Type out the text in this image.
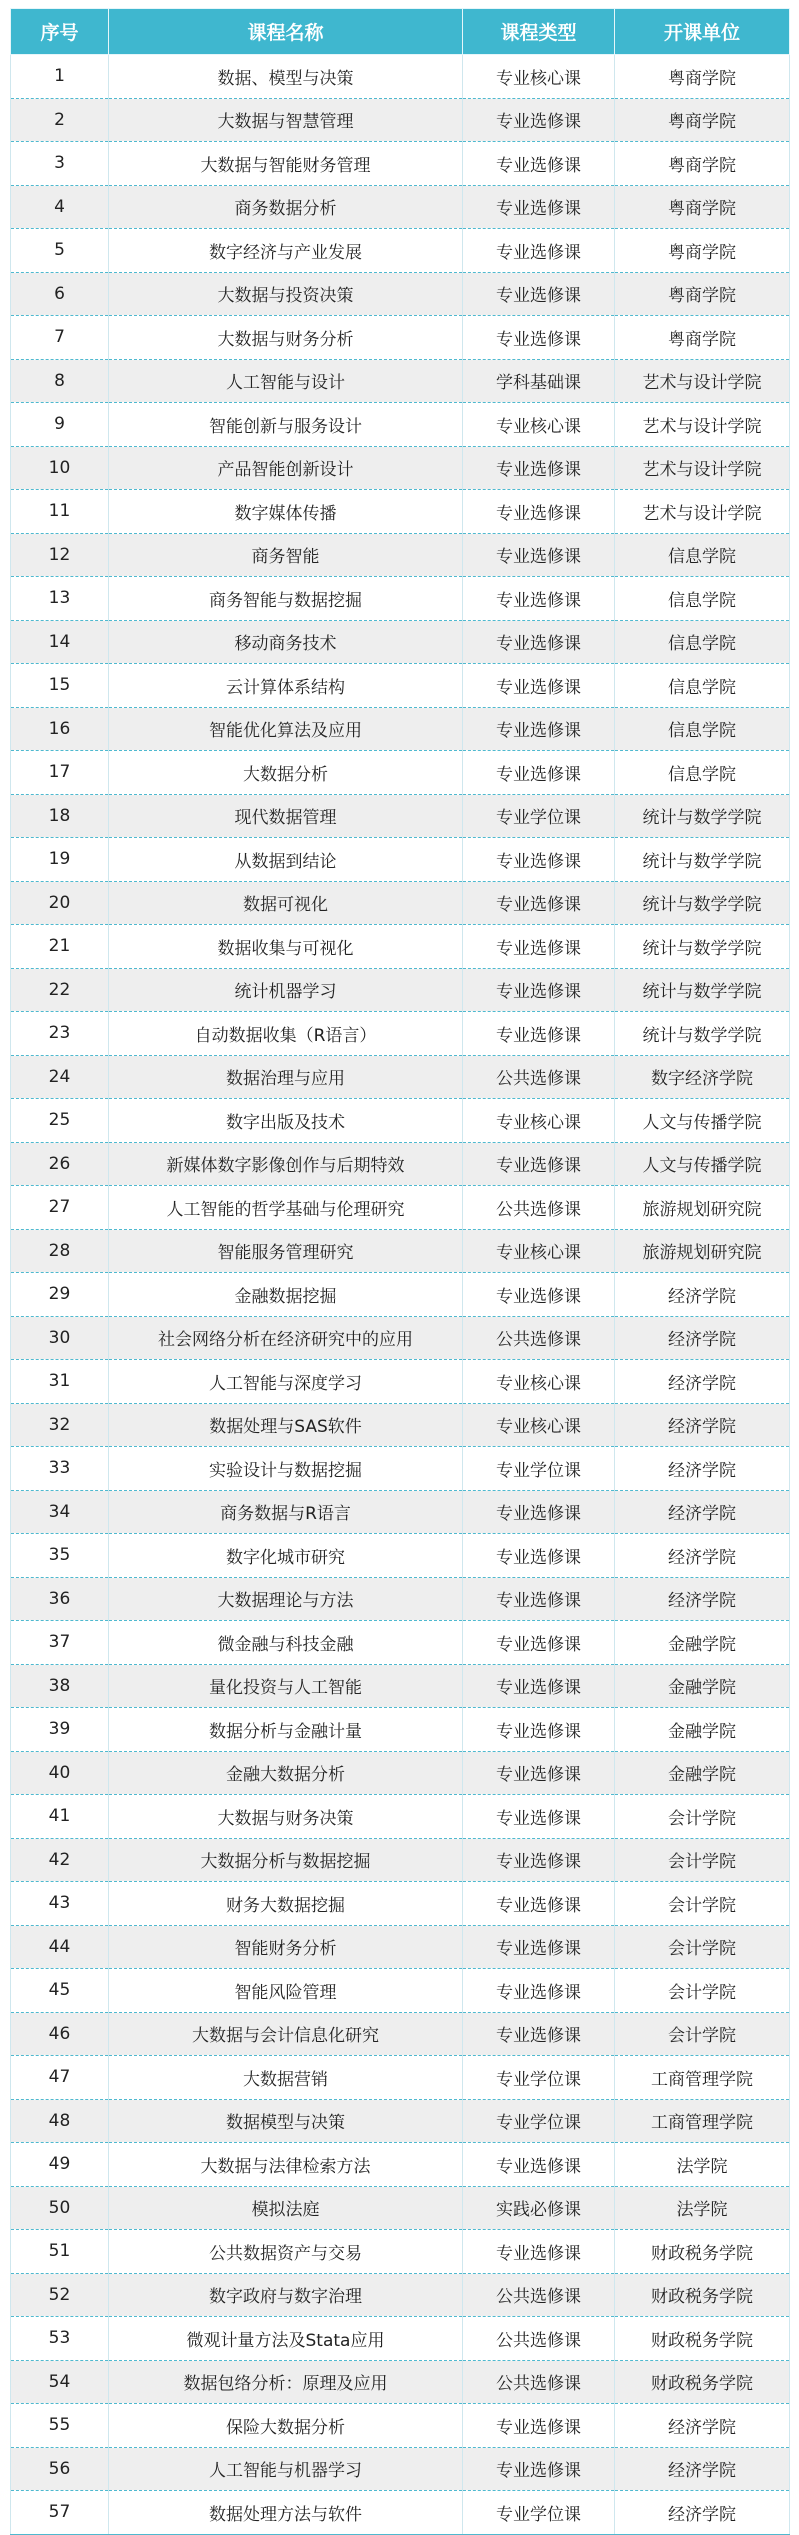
序号	课程名称	课程类型	开课单位
1	数据、模型与决策	专业核心课	粤商学院
2	大数据与智慧管理	专业选修课	粤商学院
3	大数据与智能财务管理	专业选修课	粤商学院
4	商务数据分析	专业选修课	粤商学院
5	数字经济与产业发展	专业选修课	粤商学院
6	大数据与投资决策	专业选修课	粤商学院
7	大数据与财务分析	专业选修课	粤商学院
8	人工智能与设计	学科基础课	艺术与设计学院
9	智能创新与服务设计	专业核心课	艺术与设计学院
10	产品智能创新设计	专业选修课	艺术与设计学院
11	数字媒体传播	专业选修课	艺术与设计学院
12	商务智能	专业选修课	信息学院
13	商务智能与数据挖掘	专业选修课	信息学院
14	移动商务技术	专业选修课	信息学院
15	云计算体系结构	专业选修课	信息学院
16	智能优化算法及应用	专业选修课	信息学院
17	大数据分析	专业选修课	信息学院
18	现代数据管理	专业学位课	统计与数学学院
19	从数据到结论	专业选修课	统计与数学学院
20	数据可视化	专业选修课	统计与数学学院
21	数据收集与可视化	专业选修课	统计与数学学院
22	统计机器学习	专业选修课	统计与数学学院
23	自动数据收集（R语言）	专业选修课	统计与数学学院
24	数据治理与应用	公共选修课	数字经济学院
25	数字出版及技术	专业核心课	人文与传播学院
26	新媒体数字影像创作与后期特效	专业选修课	人文与传播学院
27	人工智能的哲学基础与伦理研究	公共选修课	旅游规划研究院
28	智能服务管理研究	专业核心课	旅游规划研究院
29	金融数据挖掘	专业选修课	经济学院
30	社会网络分析在经济研究中的应用	公共选修课	经济学院
31	人工智能与深度学习	专业核心课	经济学院
32	数据处理与SAS软件	专业核心课	经济学院
33	实验设计与数据挖掘	专业学位课	经济学院
34	商务数据与R语言	专业选修课	经济学院
35	数字化城市研究	专业选修课	经济学院
36	大数据理论与方法	专业选修课	经济学院
37	微金融与科技金融	专业选修课	金融学院
38	量化投资与人工智能	专业选修课	金融学院
39	数据分析与金融计量	专业选修课	金融学院
40	金融大数据分析	专业选修课	金融学院
41	大数据与财务决策	专业选修课	会计学院
42	大数据分析与数据挖掘	专业选修课	会计学院
43	财务大数据挖掘	专业选修课	会计学院
44	智能财务分析	专业选修课	会计学院
45	智能风险管理	专业选修课	会计学院
46	大数据与会计信息化研究	专业选修课	会计学院
47	大数据营销	专业学位课	工商管理学院
48	数据模型与决策	专业学位课	工商管理学院
49	大数据与法律检索方法	专业选修课	法学院
50	模拟法庭	实践必修课	法学院
51	公共数据资产与交易	专业选修课	财政税务学院
52	数字政府与数字治理	公共选修课	财政税务学院
53	微观计量方法及Stata应用	公共选修课	财政税务学院
54	数据包络分析：原理及应用	公共选修课	财政税务学院
55	保险大数据分析	专业选修课	经济学院
56	人工智能与机器学习	专业选修课	经济学院
57	数据处理方法与软件	专业学位课	经济学院
